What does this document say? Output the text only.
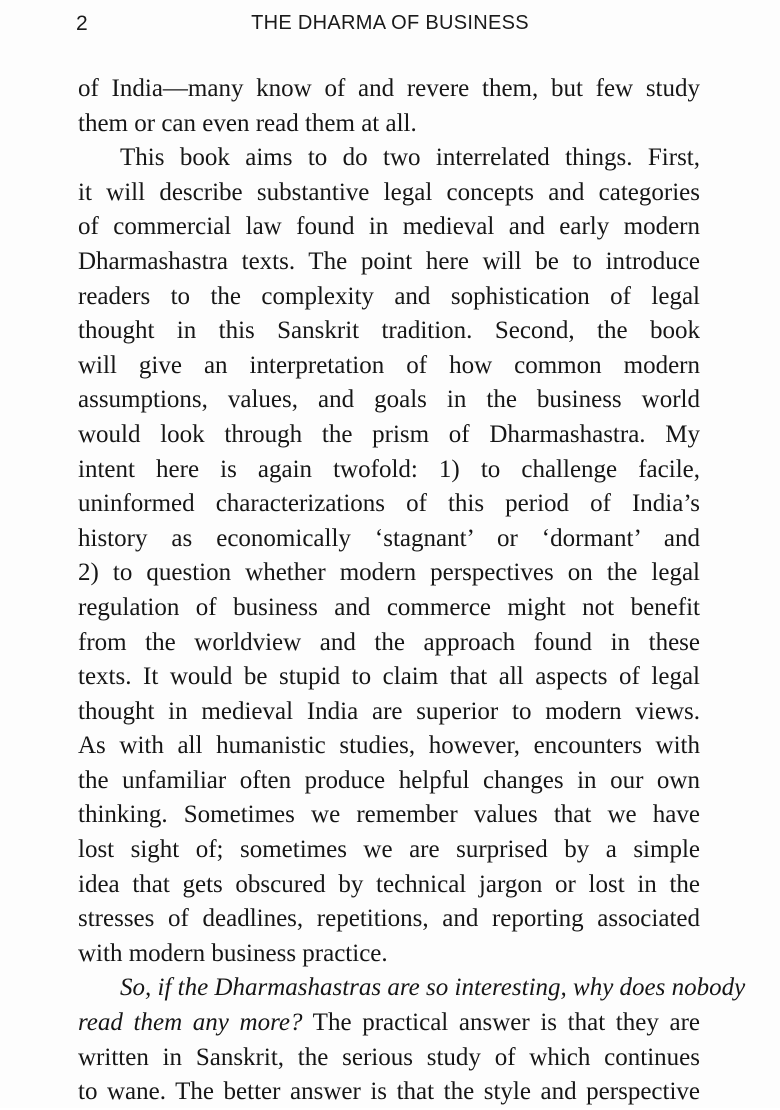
2	THE DHARMA OF BUSINESS
of India—many know of and revere them, but few study
them or can even read them at all.
This book aims to do two interrelated things. First,
it will describe substantive legal concepts and categories
of commercial law found in medieval and early modern
Dharmashastra texts. The point here will be to introduce
readers to the complexity and sophistication of legal
thought in this Sanskrit tradition. Second, the book
will give an interpretation of how common modern
assumptions, values, and goals in the business world
would look through the prism of Dharmashastra. My
intent here is again twofold: 1) to challenge facile,
uninformed characterizations of this period of India’s
history as economically ‘stagnant’ or ‘dormant’ and
2) to question whether modern perspectives on the legal
regulation of business and commerce might not benefit
from the worldview and the approach found in these
texts. It would be stupid to claim that all aspects of legal
thought in medieval India are superior to modern views.
As with all humanistic studies, however, encounters with
the unfamiliar often produce helpful changes in our own
thinking. Sometimes we remember values that we have
lost sight of; sometimes we are surprised by a simple
idea that gets obscured by technical jargon or lost in the
stresses of deadlines, repetitions, and reporting associated
with modern business practice.
So, if the Dharmashastras are so interesting, why does nobody
read them any more? The practical answer is that they are
written in Sanskrit, the serious study of which continues
to wane. The better answer is that the style and perspective
